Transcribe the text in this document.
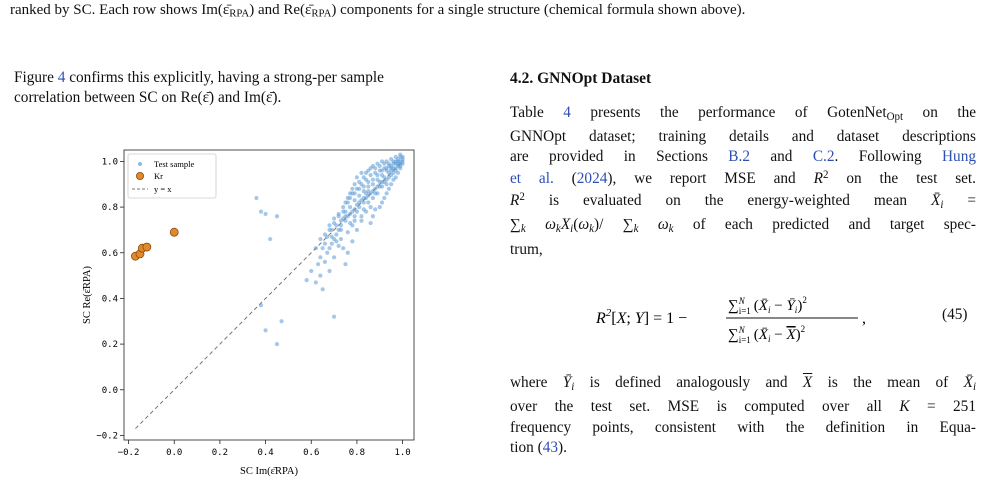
ranked by SC. Each row shows $Im(\varepsilon̄_{RPA})$ and $Re(\varepsilon̄_{RPA})$ components for a single structure (chemical formula shown above).
Figure 4 confirms this explicitly, having a strong-per sample
correlation between SC on Re(ε̄) and Im(ε̄).
−0.2	0.0	0.2	0.4	0.6	0.8	1.0
−0.2
0.0
0.2
0.4
0.6
0.8
1.0
SC Im(ε̄RPA)
SC Re(ε̄RPA)
Test sample
Kr
y = x
4.2. GNNOpt Dataset
Table 4 presents the performance of GotenNet$_{Opt}$ on the
GNNOpt dataset; training details and dataset descriptions
are provided in Sections B.2 and C.2. Following Hung
et al. (2024), we report MSE and $R^2$ on the test set.
$R^2$ is evaluated on the energy-weighted mean $X̄_i$ =
$\sum_k$ $\omega_kX_i(\omega_k)/$ $\sum_k$ $\omega_k$ of each predicted and target spec-
trum,
$R^2[X$; Y] = 1 −
∑$^N$ i=1 ($X̄_i$ − $Ȳ_i)^2$
∑$^N$ i=1 $(X̄_i - X)^2$
,	(45)
where $Ȳ_i$ is defined analogously and $\overline{X}$ is the mean of $X̄_i$
over the test set. MSE is computed over all K = 251
frequency points, consistent with the definition in Equa-
tion (43).
